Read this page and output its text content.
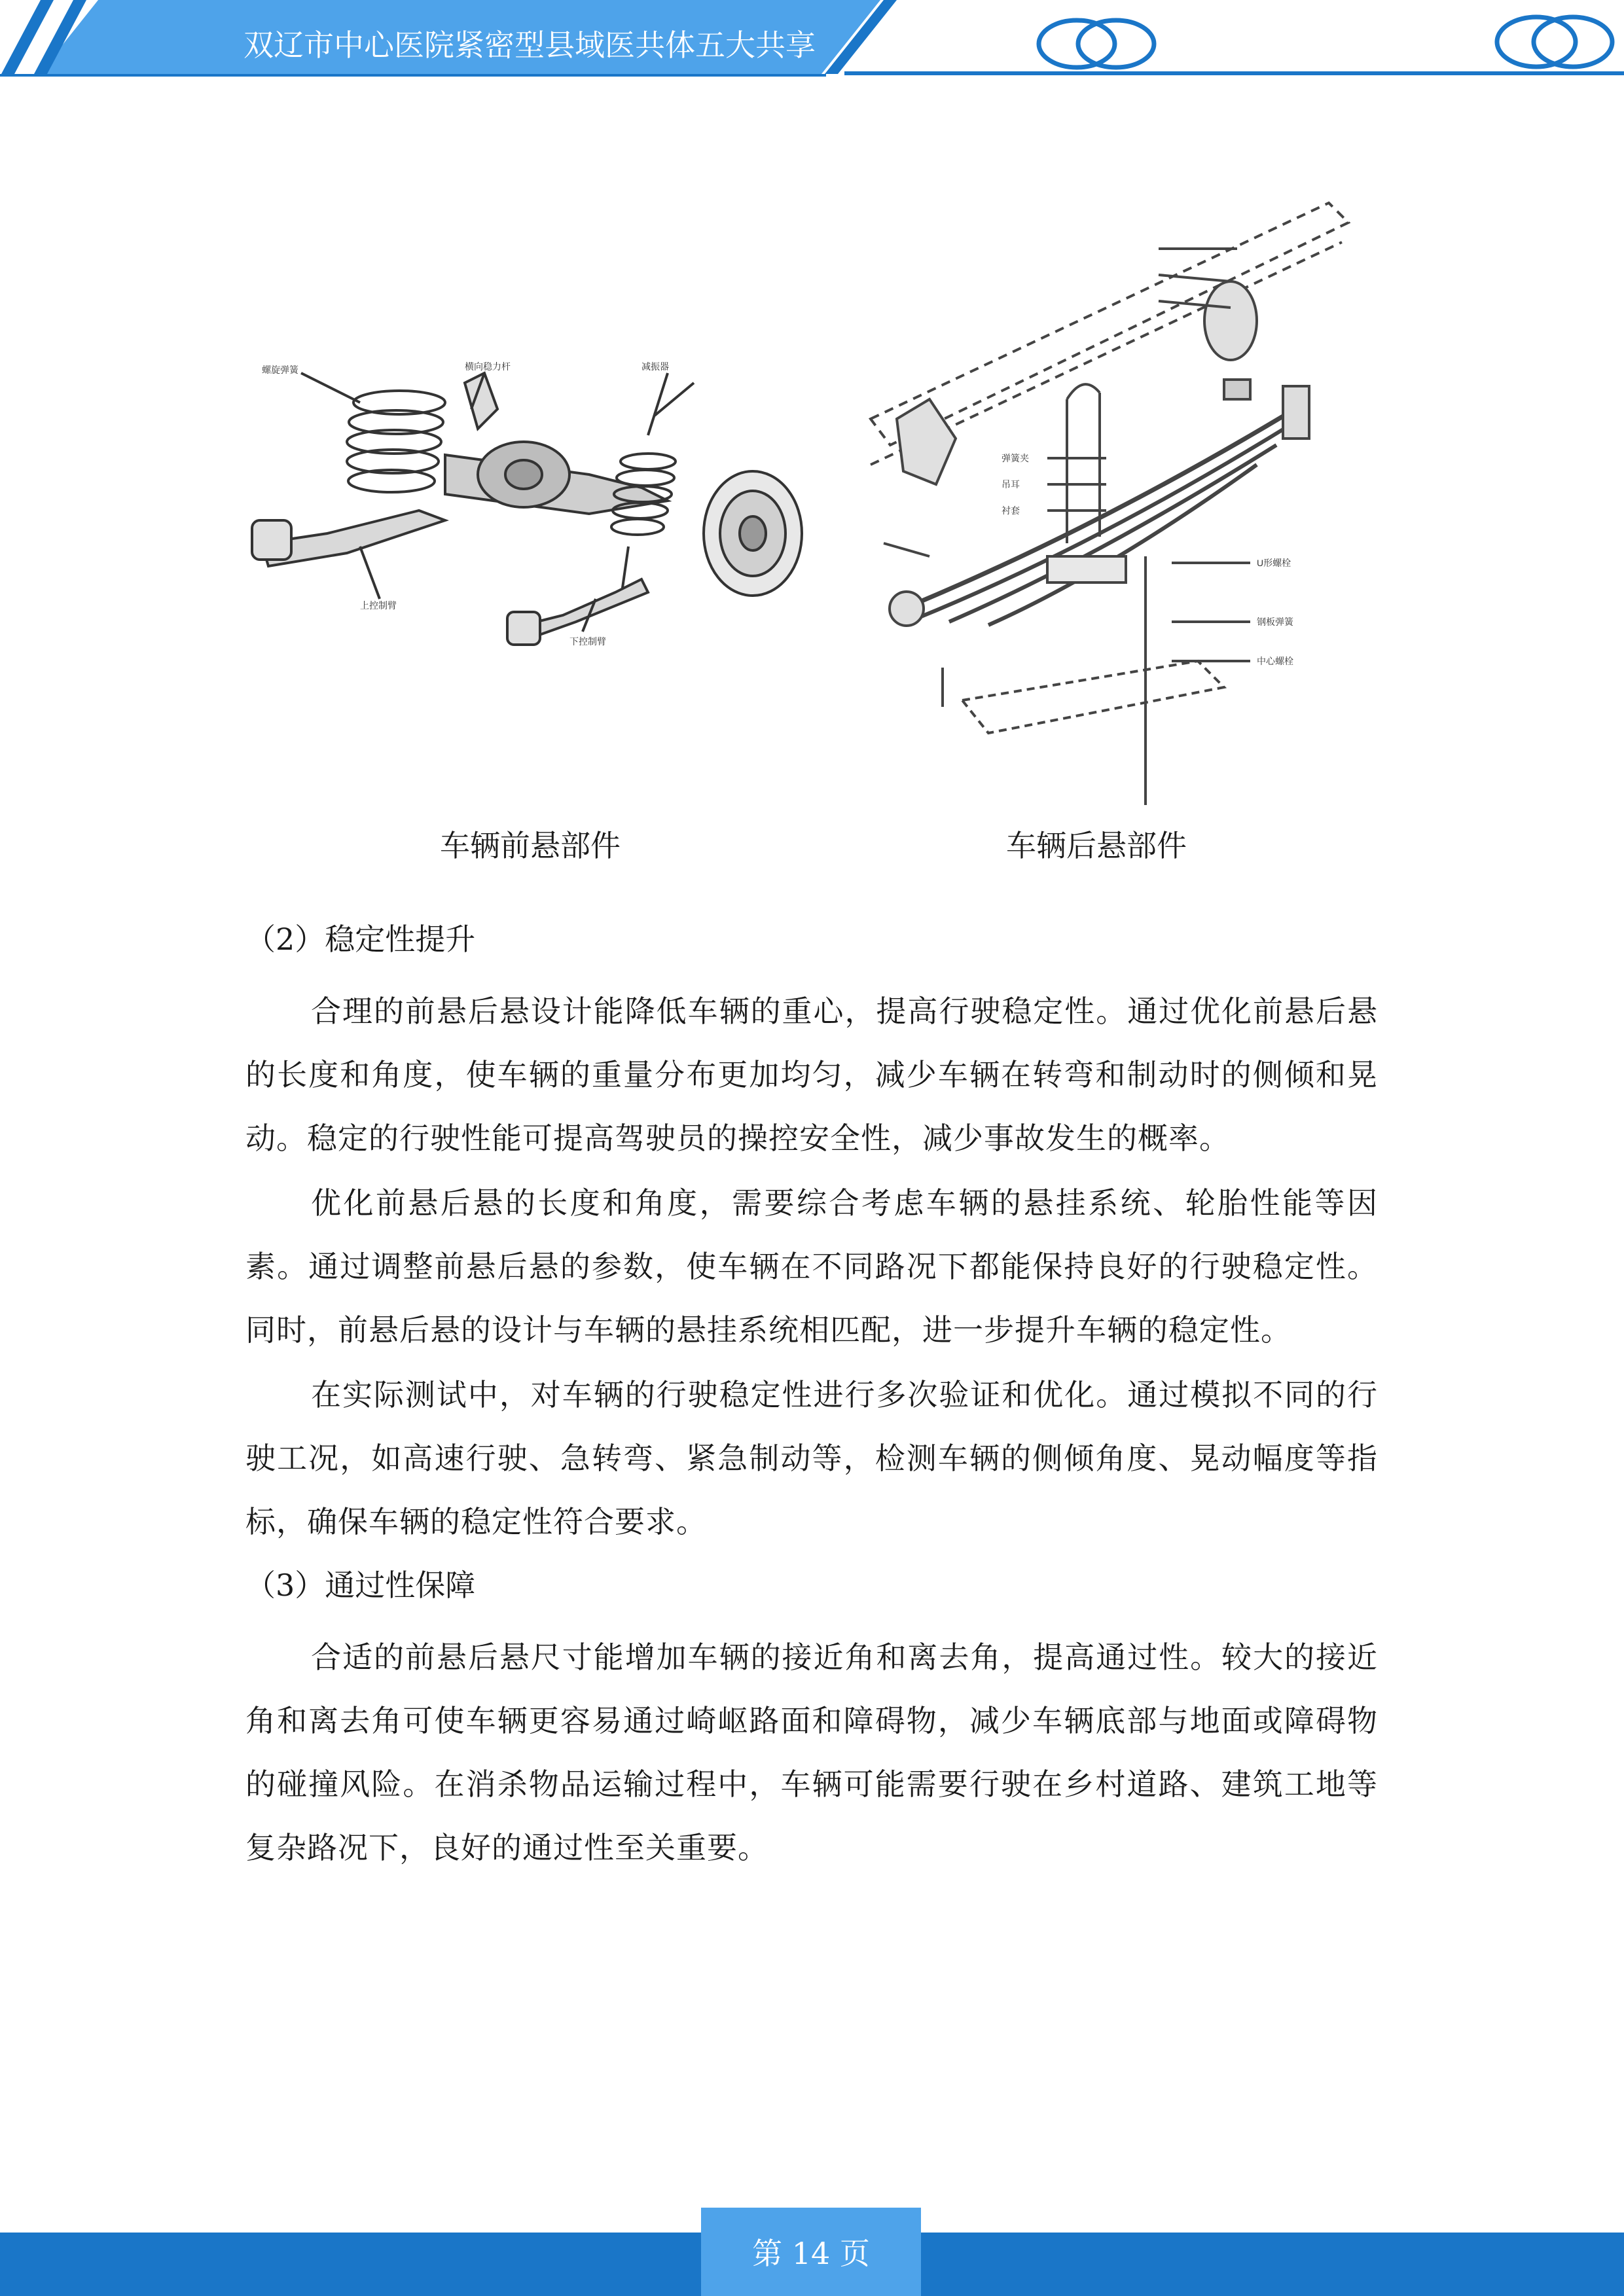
双辽市中心医院紧密型县域医共体五大共享
螺旋弹簧	横向稳力杆	减振器
上控制臂
下控制臂
U形螺栓
钢板弹簧
中心螺栓
弹簧夹
吊耳
衬套
车辆前悬部件	车辆后悬部件
（2）稳定性提升

合理的前悬后悬设计能降低车辆的重心，提高行驶稳定性。通过优化前悬后悬的长度和角度，使车辆的重量分布更加均匀，减少车辆在转弯和制动时的侧倾和晃动。稳定的行驶性能可提高驾驶员的操控安全性，减少事故发生的概率。

优化前悬后悬的长度和角度，需要综合考虑车辆的悬挂系统、轮胎性能等因素。通过调整前悬后悬的参数，使车辆在不同路况下都能保持良好的行驶稳定性。同时，前悬后悬的设计与车辆的悬挂系统相匹配，进一步提升车辆的稳定性。

在实际测试中，对车辆的行驶稳定性进行多次验证和优化。通过模拟不同的行驶工况，如高速行驶、急转弯、紧急制动等，检测车辆的侧倾角度、晃动幅度等指标，确保车辆的稳定性符合要求。

（3）通过性保障

合适的前悬后悬尺寸能增加车辆的接近角和离去角，提高通过性。较大的接近角和离去角可使车辆更容易通过崎岖路面和障碍物，减少车辆底部与地面或障碍物的碰撞风险。在消杀物品运输过程中，车辆可能需要行驶在乡村道路、建筑工地等复杂路况下，良好的通过性至关重要。

第 14 页
